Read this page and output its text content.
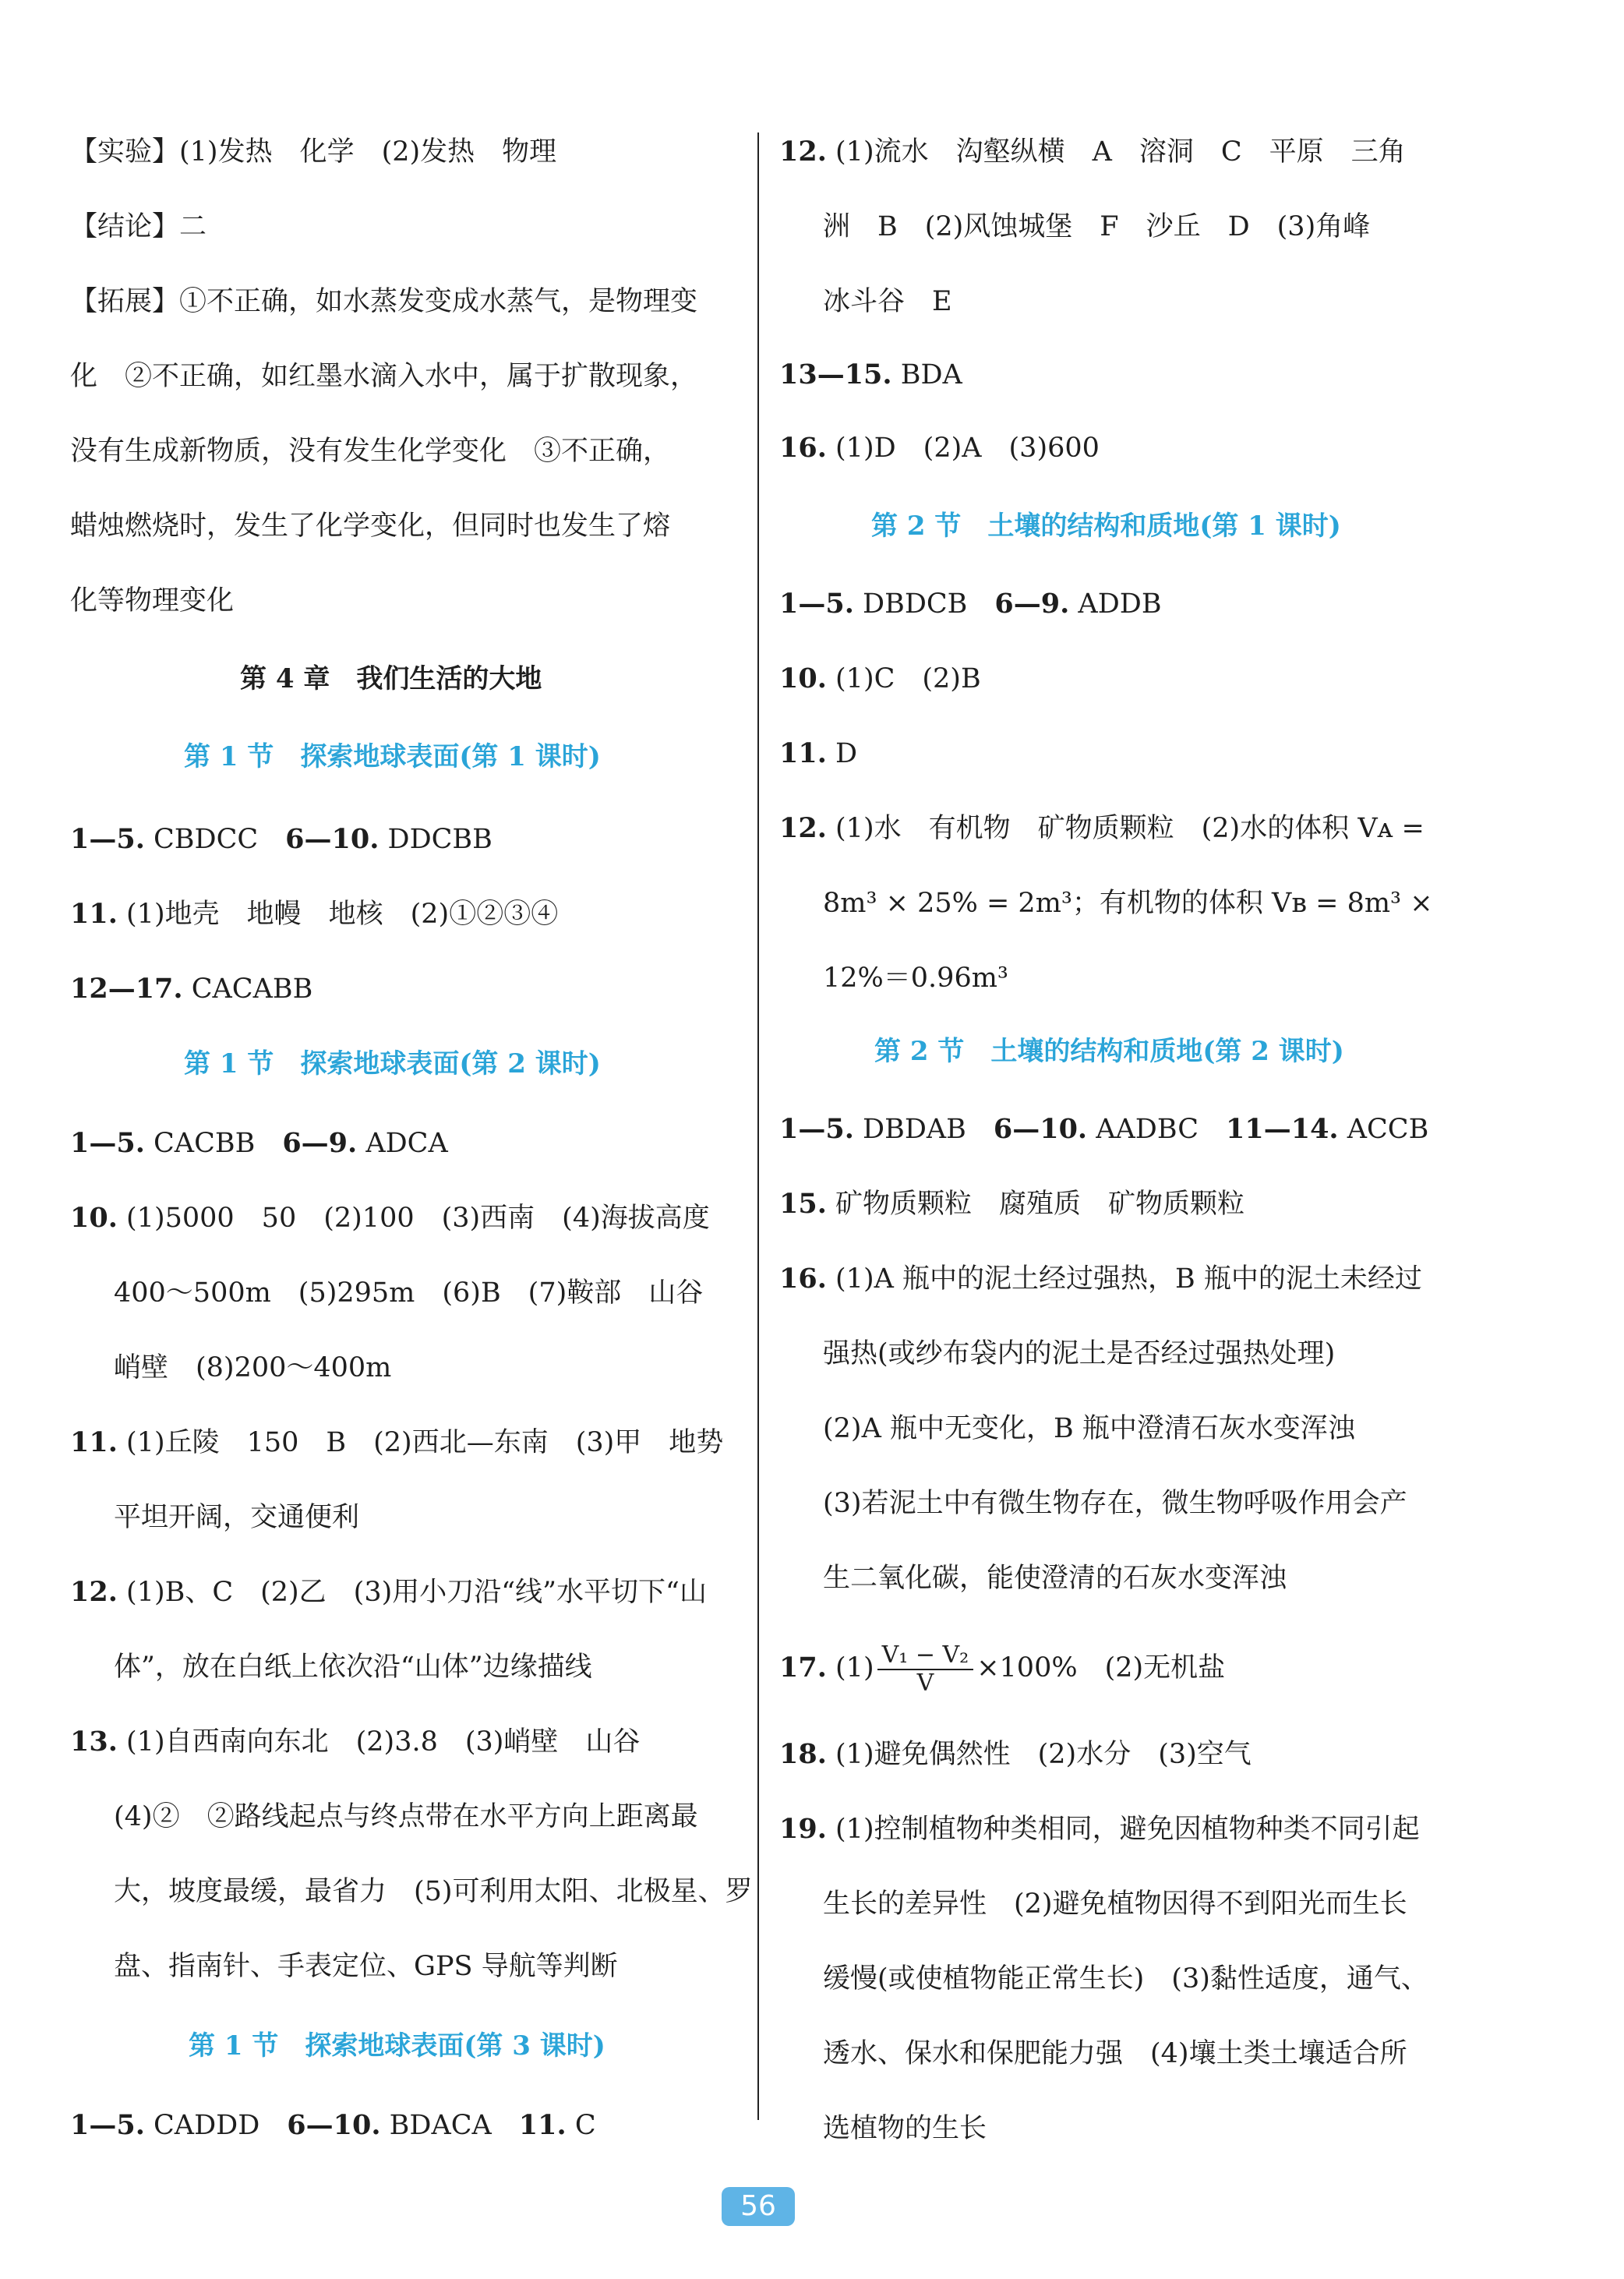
【实验】(1)发热　化学　(2)发热　物理
【结论】二
【拓展】①不正确，如水蒸发变成水蒸气，是物理变
化　②不正确，如红墨水滴入水中，属于扩散现象，
没有生成新物质，没有发生化学变化　③不正确，
蜡烛燃烧时，发生了化学变化，但同时也发生了熔
化等物理变化
第 4 章　我们生活的大地
第 1 节　探索地球表面(第 1 课时)
1—5. CBDCC　6—10. DDCBB
11. (1)地壳　地幔　地核　(2)①②③④
12—17. CACABB
第 1 节　探索地球表面(第 2 课时)
1—5. CACBB　6—9. ADCA
10. (1)5000　50　(2)100　(3)西南　(4)海拔高度
400～500m　(5)295m　(6)B　(7)鞍部　山谷
峭壁　(8)200～400m
11. (1)丘陵　150　B　(2)西北—东南　(3)甲　地势
平坦开阔，交通便利
12. (1)B、C　(2)乙　(3)用小刀沿“线”水平切下“山
体”，放在白纸上依次沿“山体”边缘描线
13. (1)自西南向东北　(2)3.8　(3)峭壁　山谷
(4)②　②路线起点与终点带在水平方向上距离最
大，坡度最缓，最省力　(5)可利用太阳、北极星、罗
盘、指南针、手表定位、GPS 导航等判断
第 1 节　探索地球表面(第 3 课时)
1—5. CADDD　6—10. BDACA　11. C
12. (1)流水　沟壑纵横　A　溶洞　C　平原　三角
洲　B　(2)风蚀城堡　F　沙丘　D　(3)角峰
冰斗谷　E
13—15. BDA
16. (1)D　(2)A　(3)600
第 2 节　土壤的结构和质地(第 1 课时)
1—5. DBDCB　6—9. ADDB
10. (1)C　(2)B
11. D
12. (1)水　有机物　矿物质颗粒　(2)水的体积 Vᴀ =
8m³ × 25% = 2m³；有机物的体积 Vʙ = 8m³ ×
12%＝0.96m³
第 2 节　土壤的结构和质地(第 2 课时)
1—5. DBDAB　6—10. AADBC　11—14. ACCB
15. 矿物质颗粒　腐殖质　矿物质颗粒
16. (1)A 瓶中的泥土经过强热，B 瓶中的泥土未经过
强热(或纱布袋内的泥土是否经过强热处理)
(2)A 瓶中无变化，B 瓶中澄清石灰水变浑浊
(3)若泥土中有微生物存在，微生物呼吸作用会产
生二氧化碳，能使澄清的石灰水变浑浊
17. $(1) \frac{\text{V₁ − V₂}}{V} \times 100\%$　(2)无机盐
18. (1)避免偶然性　(2)水分　(3)空气
19. (1)控制植物种类相同，避免因植物种类不同引起
生长的差异性　(2)避免植物因得不到阳光而生长
缓慢(或使植物能正常生长)　(3)黏性适度，通气、
透水、保水和保肥能力强　(4)壤土类土壤适合所
选植物的生长
56
